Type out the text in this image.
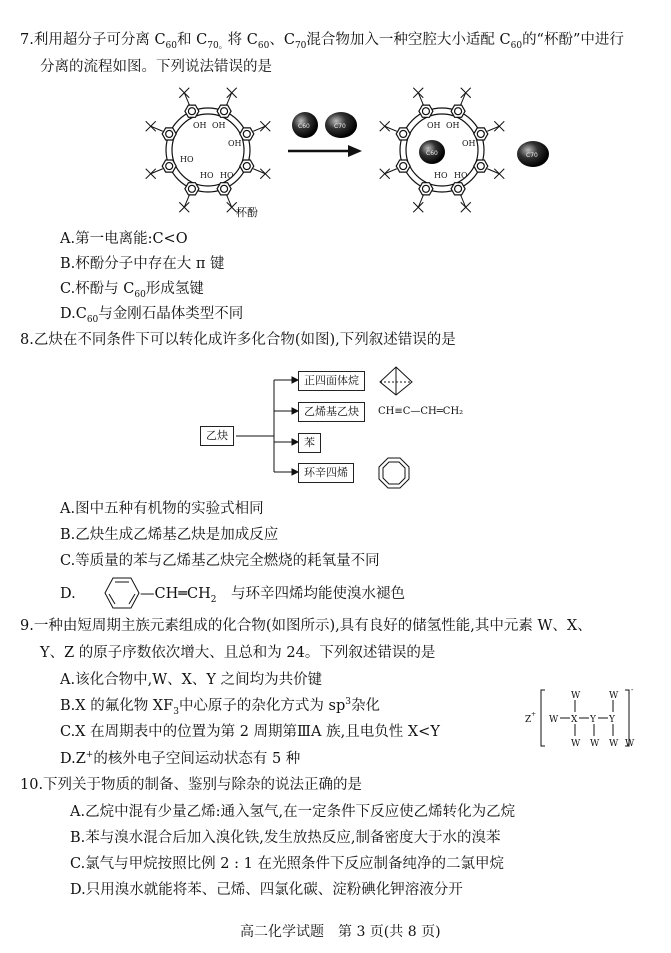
7.利用超分子可分离 $C_{60}$和 $C_{70。}$将 $C_{60}$、$C_{70}$混合物加入一种空腔大小适配 $C_{60}$的“杯酚”中进行
分离的流程如图。下列说法错误的是
OH OH
OH
HO
HO HO
杯酚
C60	C70
C60
OH OH
OH
HO HO
C70
A.第一电离能:C<O
B.杯酚分子中存在大 π 键
C.杯酚与 $C_{60}$形成氢键
$D.C_{60}$与金刚石晶体类型不同
8.乙炔在不同条件下可以转化成许多化合物(如图),下列叙述错误的是
乙炔
正四面体烷
乙烯基乙炔
苯
环辛四烯
CH≡C—CH═CH₂
A.图中五种有机物的实验式相同
B.乙炔生成乙烯基乙炔是加成反应
C.等质量的苯与乙烯基乙炔完全燃烧的耗氧量不同
D.	$—CH═CH_2$　 与环辛四烯均能使溴水褪色
9.一种由短周期主族元素组成的化合物(如图所示),具有良好的储氢性能,其中元素 W、X、
Y、Z 的原子序数依次增大、且总和为 24。下列叙述错误的是
A.该化合物中,W、X、Y 之间均为共价键
B.X 的氟化物 $XF_3$中心原子的杂化方式为 $sp^3$杂化
C.X 在周期表中的位置为第 2 周期第ⅢA 族,且电负性 X<Y
D.Z+的核外电子空间运动状态有 5 种
Z
+
-
W	W
W X Y Y
W W W W
10.下列关于物质的制备、鉴别与除杂的说法正确的是
A.乙烷中混有少量乙烯:通入氢气,在一定条件下反应使乙烯转化为乙烷
B.苯与溴水混合后加入溴化铁,发生放热反应,制备密度大于水的溴苯
C.氯气与甲烷按照比例 2 : 1 在光照条件下反应制备纯净的二氯甲烷
D.只用溴水就能将苯、己烯、四氯化碳、淀粉碘化钾溶液分开
高二化学试题　第 3 页(共 8 页)
